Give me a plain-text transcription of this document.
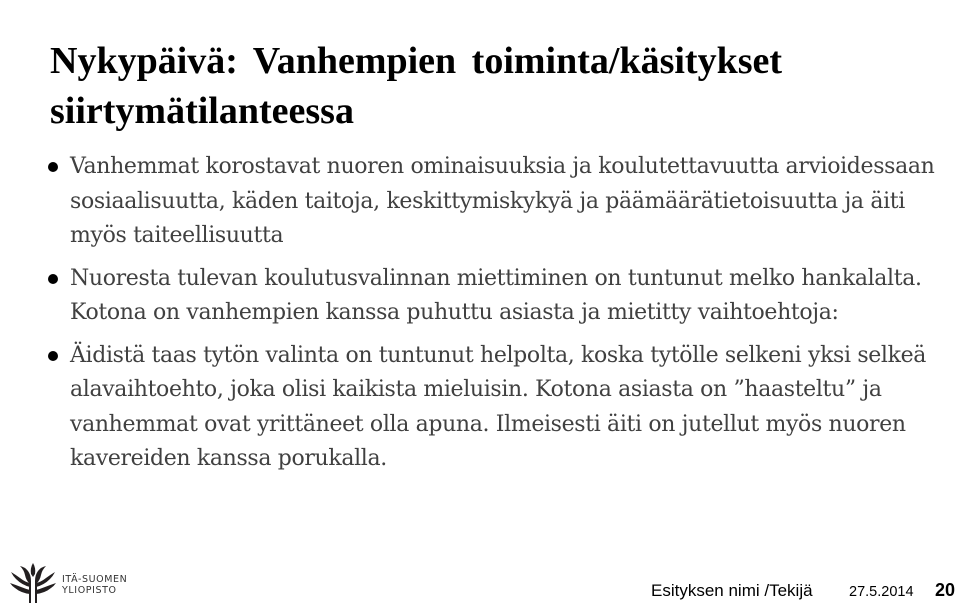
Nykypäivä: Vanhempien toiminta/käsitykset siirtymätilanteessa
Vanhemmat korostavat nuoren ominaisuuksia ja koulutettavuutta arvioidessaan sosiaalisuutta, käden taitoja, keskittymiskykyä ja päämäärätietoisuutta ja äiti myös taiteellisuutta
Nuoresta tulevan koulutusvalinnan miettiminen on tuntunut melko hankalalta. Kotona on vanhempien kanssa puhuttu asiasta ja mietitty vaihtoehtoja:
Äidistä taas tytön valinta on tuntunut helpolta, koska tytölle selkeni yksi selkeä alavaihtoehto, joka olisi kaikista mieluisin. Kotona asiasta on ”haasteltu” ja vanhemmat ovat yrittäneet olla apuna. Ilmeisesti äiti on jutellut myös nuoren kavereiden kanssa porukalla.
ITÄ-SUOMEN
YLIOPISTO	Esityksen nimi /Tekijä	27.5.2014 20
